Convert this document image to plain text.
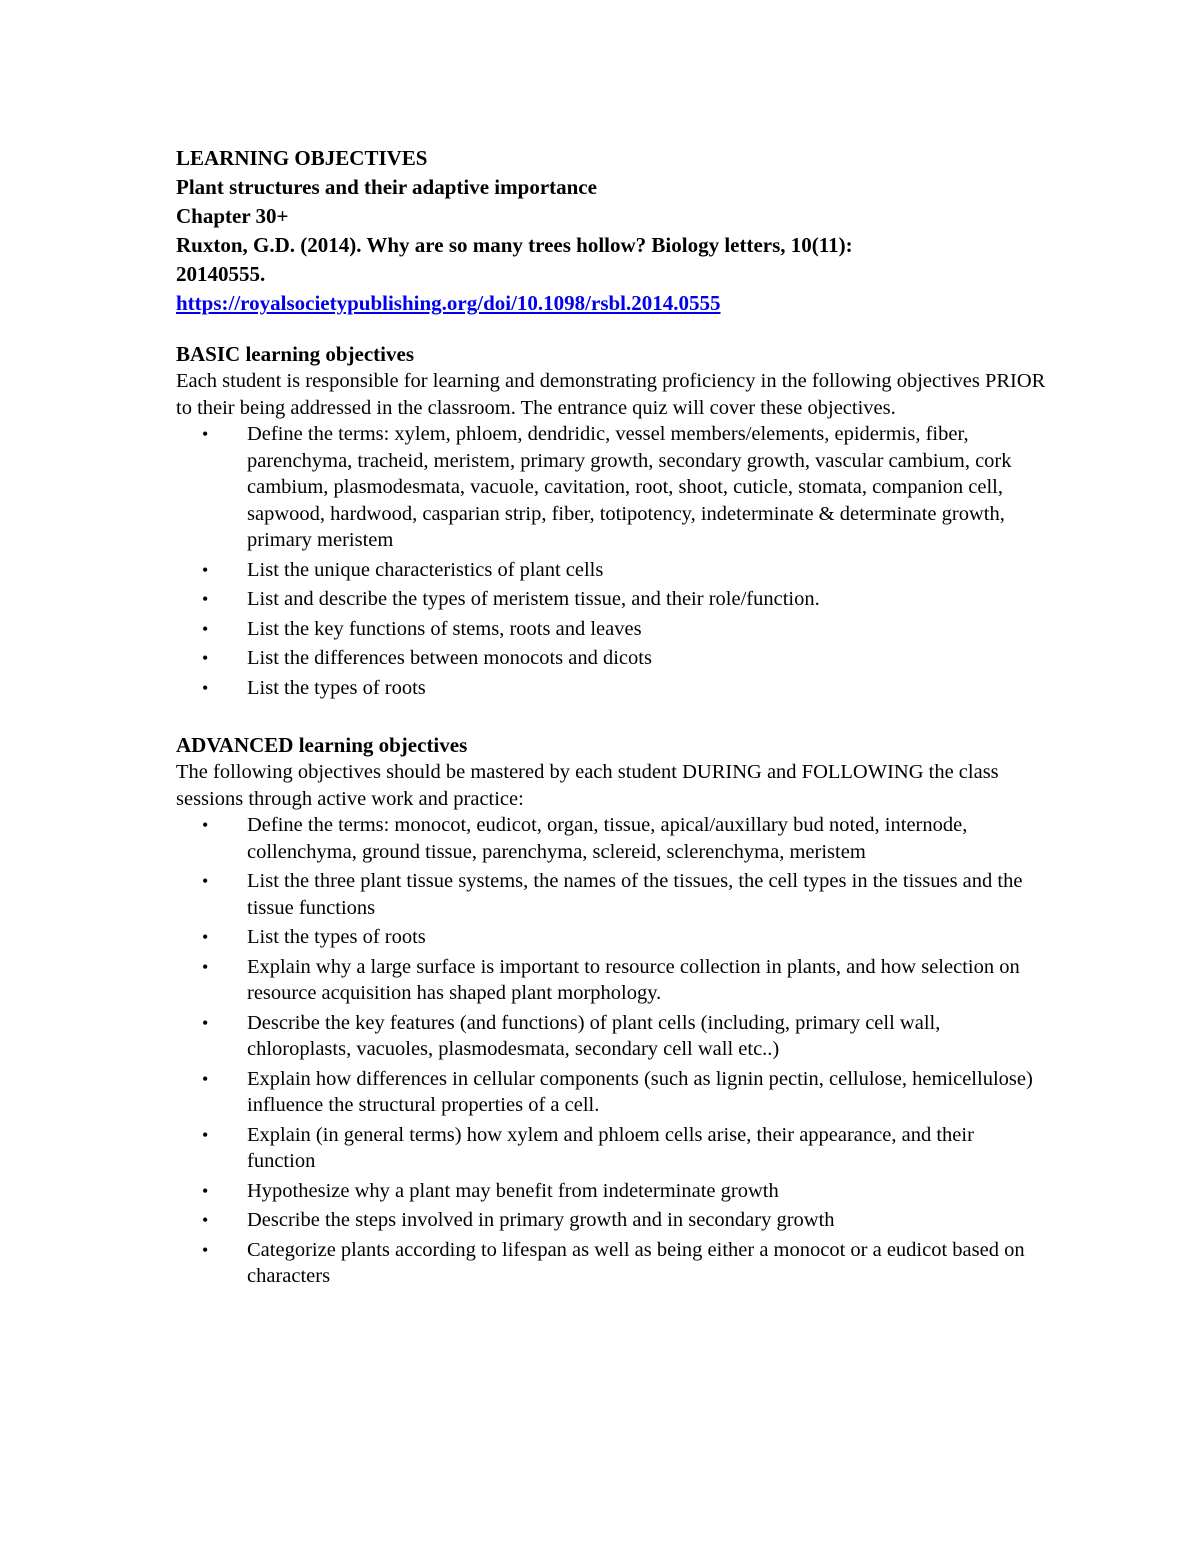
LEARNING OBJECTIVES

Plant structures and their adaptive importance

Chapter 30+

Ruxton, G.D. (2014). Why are so many trees hollow? Biology letters, 10(11):

20140555.

https://royalsocietypublishing.org/doi/10.1098/rsbl.2014.0555

BASIC learning objectives

Each student is responsible for learning and demonstrating proficiency in the following objectives PRIOR to their being addressed in the classroom. The entrance quiz will cover these objectives.

• Define the terms: xylem, phloem, dendridic, vessel members/elements, epidermis, fiber, parenchyma, tracheid, meristem, primary growth, secondary growth, vascular cambium, cork cambium, plasmodesmata, vacuole, cavitation, root, shoot, cuticle, stomata, companion cell, sapwood, hardwood, casparian strip, fiber, totipotency, indeterminate & determinate growth, primary meristem
• List the unique characteristics of plant cells
• List and describe the types of meristem tissue, and their role/function.
• List the key functions of stems, roots and leaves
• List the differences between monocots and dicots
• List the types of roots

ADVANCED learning objectives

The following objectives should be mastered by each student DURING and FOLLOWING the class sessions through active work and practice:

• Define the terms: monocot, eudicot, organ, tissue, apical/auxillary bud noted, internode, collenchyma, ground tissue, parenchyma, sclereid, sclerenchyma, meristem
• List the three plant tissue systems, the names of the tissues, the cell types in the tissues and the tissue functions
• List the types of roots
• Explain why a large surface is important to resource collection in plants, and how selection on resource acquisition has shaped plant morphology.
• Describe the key features (and functions) of plant cells (including, primary cell wall, chloroplasts, vacuoles, plasmodesmata, secondary cell wall etc..)
• Explain how differences in cellular components (such as lignin pectin, cellulose, hemicellulose) influence the structural properties of a cell.
• Explain (in general terms) how xylem and phloem cells arise, their appearance, and their function
• Hypothesize why a plant may benefit from indeterminate growth
• Describe the steps involved in primary growth and in secondary growth
• Categorize plants according to lifespan as well as being either a monocot or a eudicot based on characters
